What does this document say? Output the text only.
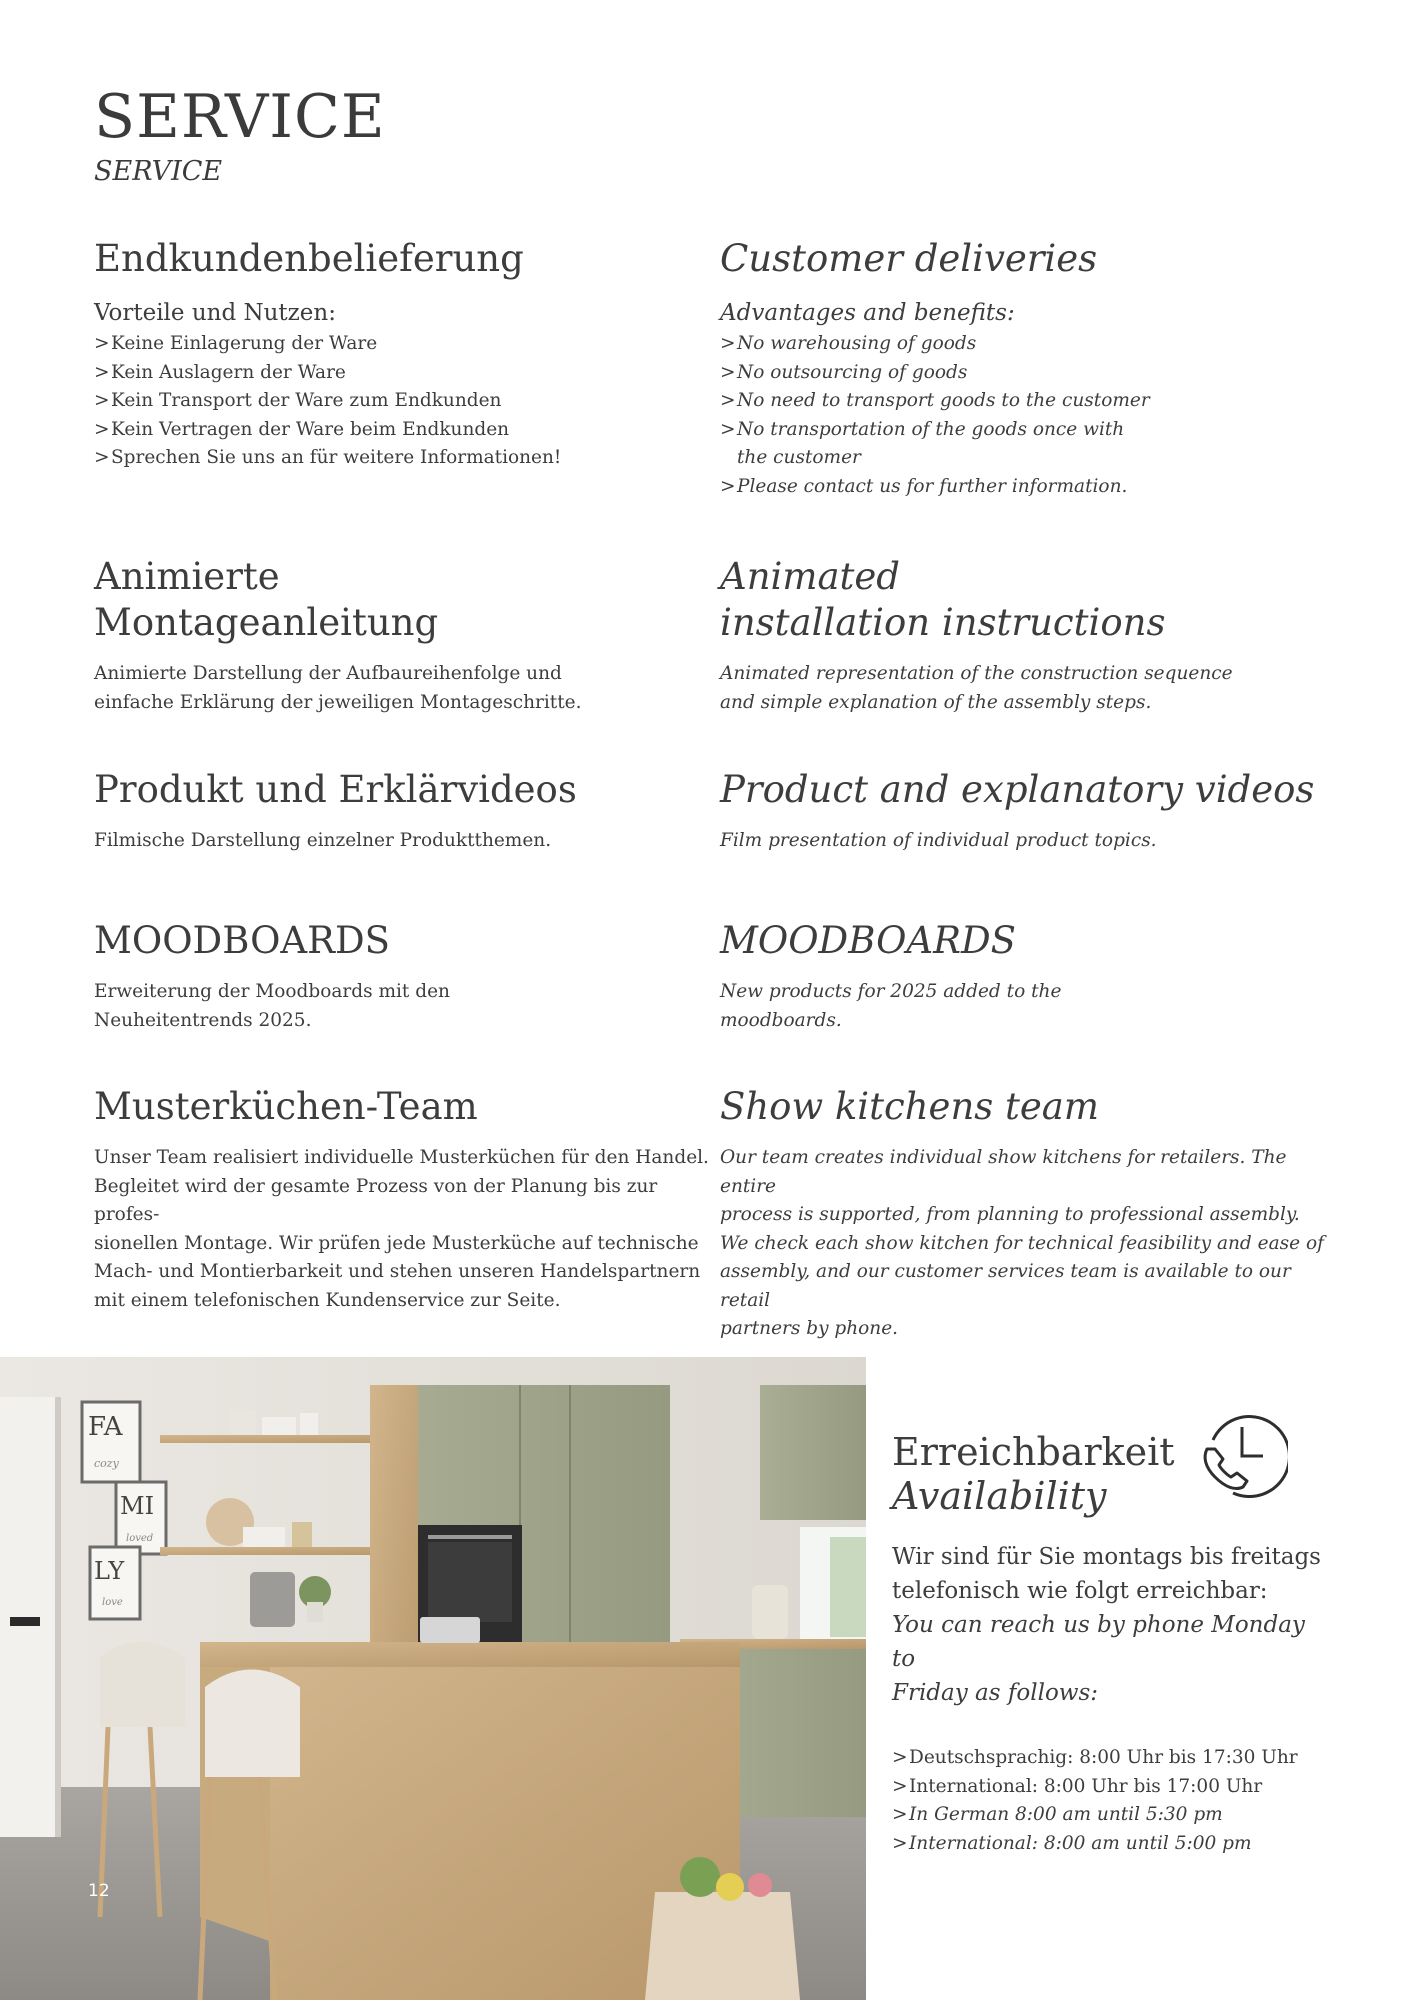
SERVICE
SERVICE
Endkundenbelieferung
Vorteile und Nutzen:
> Keine Einlagerung der Ware
> Kein Auslagern der Ware
> Kein Transport der Ware zum Endkunden
> Kein Vertragen der Ware beim Endkunden
> Sprechen Sie uns an für weitere Informationen!
Customer deliveries
Advantages and benefits:
> No warehousing of goods
> No outsourcing of goods
> No need to transport goods to the customer
> No transportation of the goods once with the customer
> Please contact us for further information.
Animierte
Montageanleitung

Animierte Darstellung der Aufbaureihenfolge und
einfache Erklärung der jeweiligen Montageschritte.

Animated
installation instructions

Animated representation of the construction sequence
and simple explanation of the assembly steps.

Produkt und Erklärvideos

Filmische Darstellung einzelner Produktthemen.

Product and explanatory videos

Film presentation of individual product topics.

MOODBOARDS

Erweiterung der Moodboards mit den
Neuheitentrends 2025.

MOODBOARDS

New products for 2025 added to the
moodboards.

Musterküchen-Team

Unser Team realisiert individuelle Musterküchen für den Handel.
Begleitet wird der gesamte Prozess von der Planung bis zur profes-
sionellen Montage. Wir prüfen jede Musterküche auf technische
Mach- und Montierbarkeit und stehen unseren Handelspartnern
mit einem telefonischen Kundenservice zur Seite.

Show kitchens team

Our team creates individual show kitchens for retailers. The entire
process is supported, from planning to professional assembly.
We check each show kitchen for technical feasibility and ease of
assembly, and our customer services team is available to our retail
partners by phone.

FA
cozy
MI
loved
LY
love
12
Erreichbarkeit
Availability

Wir sind für Sie montags bis freitags
telefonisch wie folgt erreichbar:

You can reach us by phone Monday to
Friday as follows:

> Deutschsprachig: 8:00 Uhr bis 17:30 Uhr
> International: 8:00 Uhr bis 17:00 Uhr
> In German 8:00 am until 5:30 pm
> International: 8:00 am until 5:00 pm
